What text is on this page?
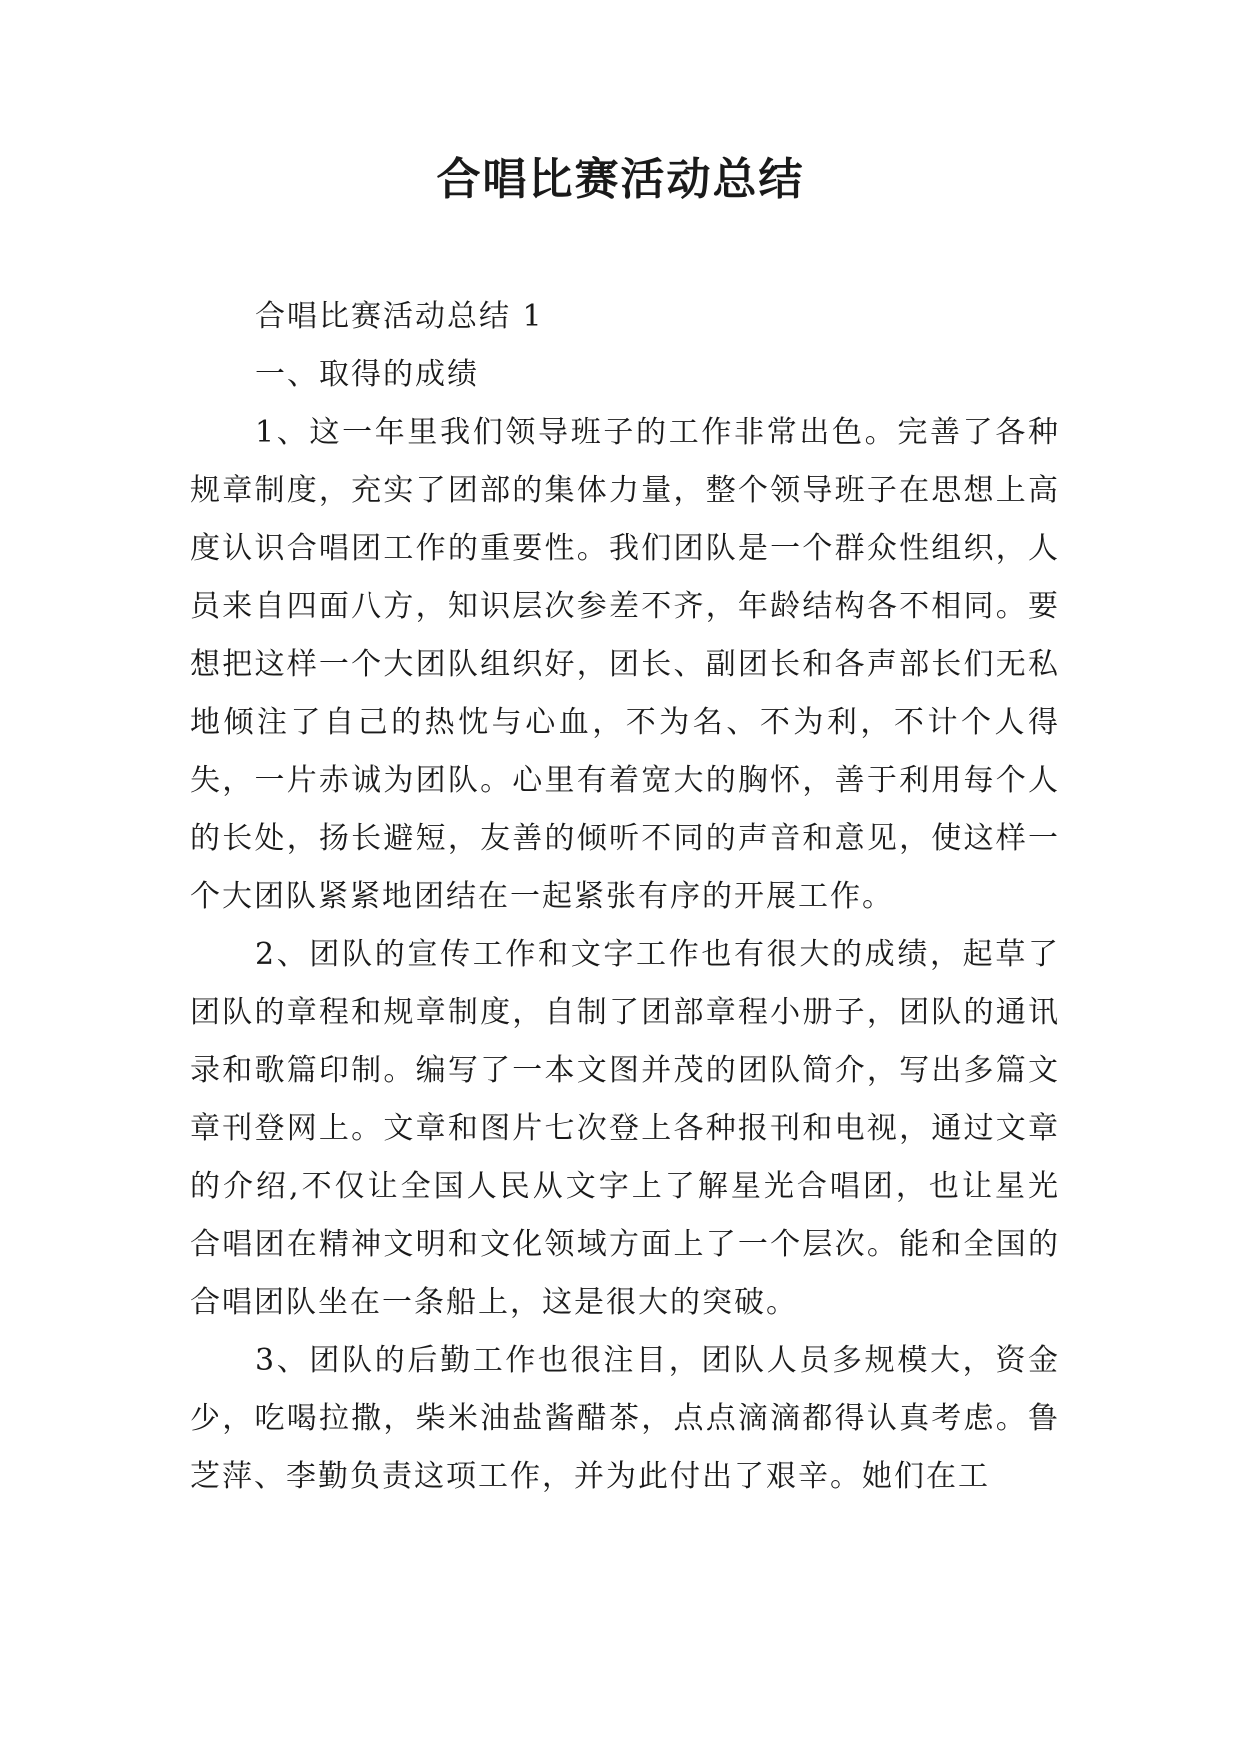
合唱比赛活动总结

合唱比赛活动总结 1

一、取得的成绩

1、这一年里我们领导班子的工作非常出色。完善了各种规章制度，充实了团部的集体力量，整个领导班子在思想上高度认识合唱团工作的重要性。我们团队是一个群众性组织，人员来自四面八方，知识层次参差不齐，年龄结构各不相同。要想把这样一个大团队组织好，团长、副团长和各声部长们无私地倾注了自己的热忱与心血，不为名、不为利，不计个人得失，一片赤诚为团队。心里有着宽大的胸怀，善于利用每个人的长处，扬长避短，友善的倾听不同的声音和意见，使这样一个大团队紧紧地团结在一起紧张有序的开展工作。

2、团队的宣传工作和文字工作也有很大的成绩，起草了团队的章程和规章制度，自制了团部章程小册子，团队的通讯录和歌篇印制。编写了一本文图并茂的团队简介，写出多篇文章刊登网上。文章和图片七次登上各种报刊和电视，通过文章的介绍,不仅让全国人民从文字上了解星光合唱团，也让星光合唱团在精神文明和文化领域方面上了一个层次。能和全国的合唱团队坐在一条船上，这是很大的突破。

3、团队的后勤工作也很注目，团队人员多规模大，资金少，吃喝拉撒，柴米油盐酱醋茶，点点滴滴都得认真考虑。鲁芝萍、李勤负责这项工作，并为此付出了艰辛。她们在工
